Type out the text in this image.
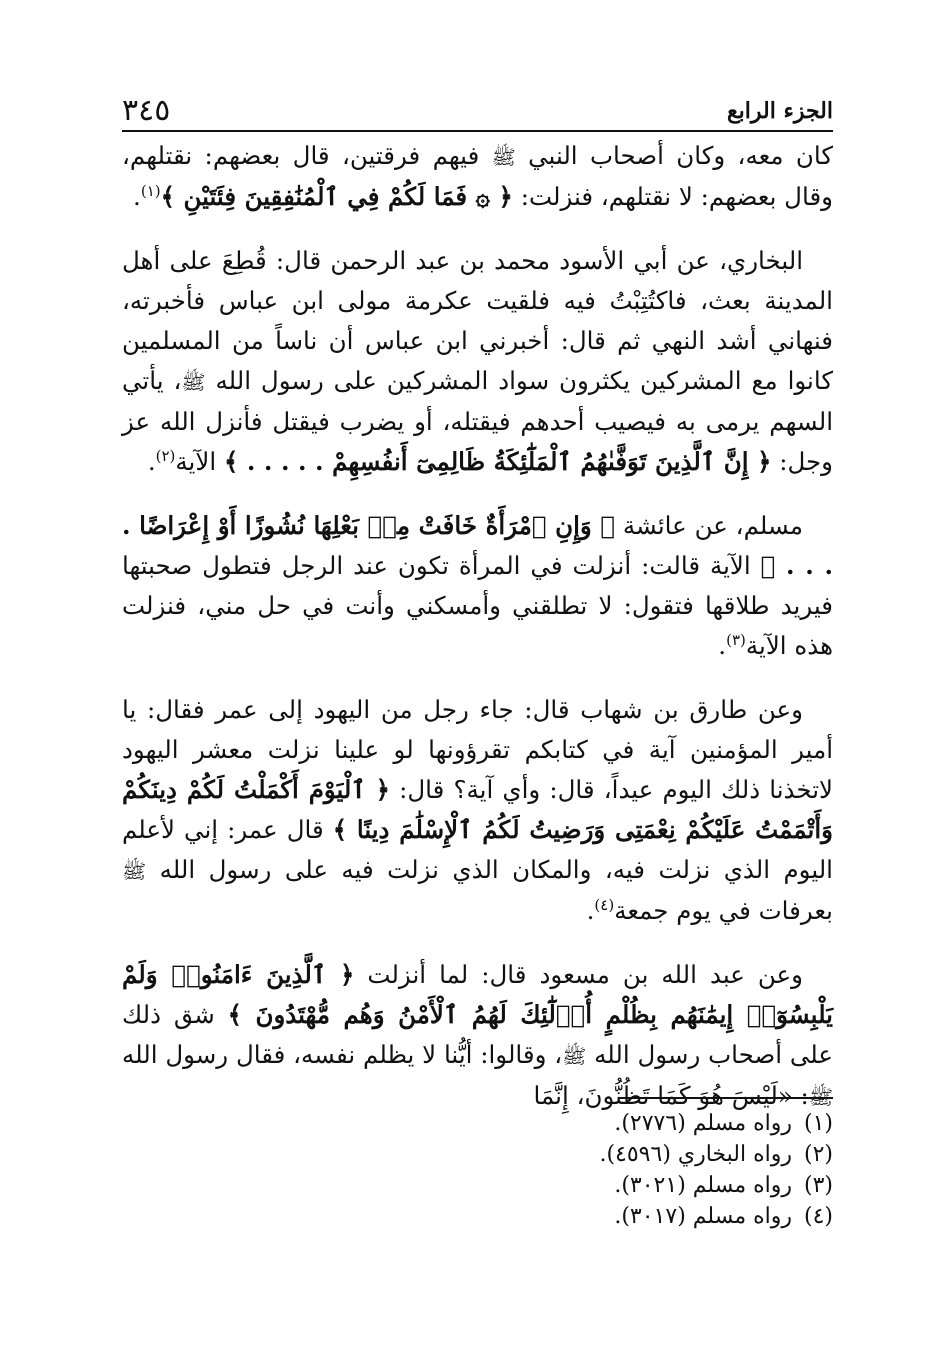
الجزء الرابع
٣٤٥

كان معه، وكان أصحاب النبي ﷺ فيهم فرقتين، قال بعضهم: نقتلهم، وقال بعضهم: لا نقتلهم، فنزلت: ﴿ ۞ فَمَا لَكُمْ فِي ٱلْمُنَٰفِقِينَ فِئَتَيْنِ ﴾$^{(١)}$.

البخاري، عن أبي الأسود محمد بن عبد الرحمن قال: قُطِعَ على أهل المدينة بعث، فاكتُتِبْتُ فيه فلقيت عكرمة مولى ابن عباس فأخبرته، فنهاني أشد النهي ثم قال: أخبرني ابن عباس أن ناساً من المسلمين كانوا مع المشركين يكثرون سواد المشركين على رسول الله ﷺ، يأتي السهم يرمى به فيصيب أحدهم فيقتله، أو يضرب فيقتل فأنزل الله عز وجل: ﴿ إِنَّ ٱلَّذِينَ تَوَفَّىٰهُمُ ٱلْمَلَٰٓئِكَةُ ظَالِمِىٓ أَنفُسِهِمْ . . . . . ﴾ الآية$^{(٢)}$.

مسلم، عن عائشة ﴿ وَإِنِ ٱمْرَأَةٌ خَافَتْ مِنۢ بَعْلِهَا نُشُوزًا أَوْ إِعْرَاضًا . . . . ﴾ الآية قالت: أنزلت في المرأة تكون عند الرجل فتطول صحبتها فيريد طلاقها فتقول: لا تطلقني وأمسكني وأنت في حل مني، فنزلت هذه الآية$^{(٣)}$.

وعن طارق بن شهاب قال: جاء رجل من اليهود إلى عمر فقال: يا أمير المؤمنين آية في كتابكم تقرؤونها لو علينا نزلت معشر اليهود لاتخذنا ذلك اليوم عيداً، قال: وأي آية؟ قال: ﴿ ٱلْيَوْمَ أَكْمَلْتُ لَكُمْ دِينَكُمْ وَأَتْمَمْتُ عَلَيْكُمْ نِعْمَتِى وَرَضِيتُ لَكُمُ ٱلْإِسْلَٰمَ دِينًا ﴾ قال عمر: إني لأعلم اليوم الذي نزلت فيه، والمكان الذي نزلت فيه على رسول الله ﷺ بعرفات في يوم جمعة$^{(٤)}$.

وعن عبد الله بن مسعود قال: لما أنزلت ﴿ ٱلَّذِينَ ءَامَنُوا۟ وَلَمْ يَلْبِسُوٓا۟ إِيمَٰنَهُم بِظُلْمٍ أُو۟لَٰٓئِكَ لَهُمُ ٱلْأَمْنُ وَهُم مُّهْتَدُونَ ﴾ شق ذلك على أصحاب رسول الله ﷺ، وقالوا: أيُّنا لا يظلم نفسه، فقال رسول الله ﷺ: «لَيْسَ هُوَ كَمَا تَظُنُّونَ، إِنَّمَا

(١)رواه مسلم (٢٧٧٦).

(٢)رواه البخاري (٤٥٩٦).

(٣)رواه مسلم (٣٠٢١).

(٤)رواه مسلم (٣٠١٧).
